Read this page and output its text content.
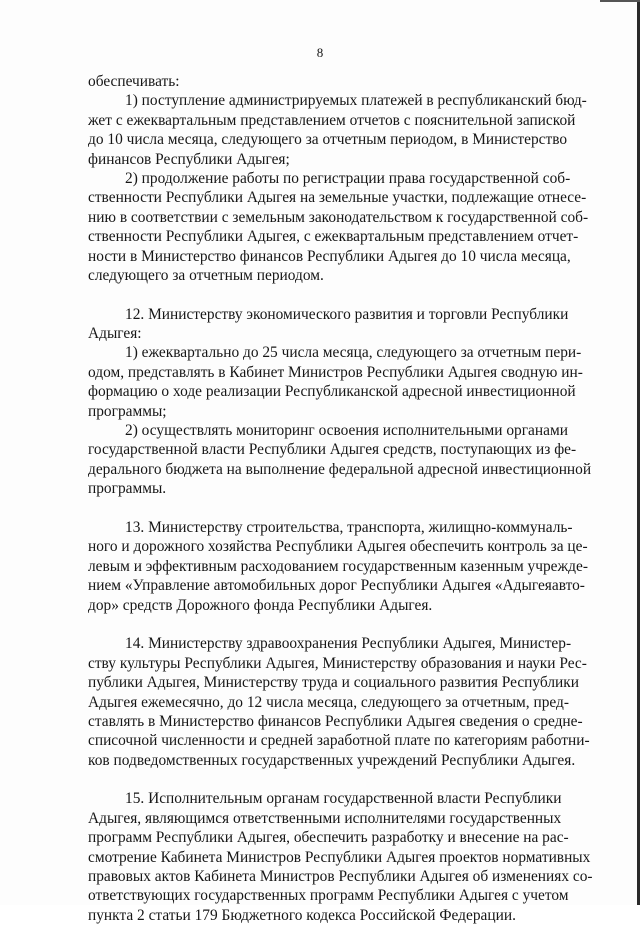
8
обеспечивать:
1) поступление администрируемых платежей в республиканский бюд-
жет с ежеквартальным представлением отчетов с пояснительной запиской
до 10 числа месяца, следующего за отчетным периодом, в Министерство
финансов Республики Адыгея;
2) продолжение работы по регистрации права государственной соб-
ственности Республики Адыгея на земельные участки, подлежащие отнесе-
нию в соответствии с земельным законодательством к государственной соб-
ственности Республики Адыгея, с ежеквартальным представлением отчет-
ности в Министерство финансов Республики Адыгея до 10 числа месяца,
следующего за отчетным периодом.
12. Министерству экономического развития и торговли Республики
Адыгея:
1) ежеквартально до 25 числа месяца, следующего за отчетным пери-
одом, представлять в Кабинет Министров Республики Адыгея сводную ин-
формацию о ходе реализации Республиканской адресной инвестиционной
программы;
2) осуществлять мониторинг освоения исполнительными органами
государственной власти Республики Адыгея средств, поступающих из фе-
дерального бюджета на выполнение федеральной адресной инвестиционной
программы.
13. Министерству строительства, транспорта, жилищно-коммуналь-
ного и дорожного хозяйства Республики Адыгея обеспечить контроль за це-
левым и эффективным расходованием государственным казенным учрежде-
нием «Управление автомобильных дорог Республики Адыгея «Адыгеяавто-
дор» средств Дорожного фонда Республики Адыгея.
14. Министерству здравоохранения Республики Адыгея, Министер-
ству культуры Республики Адыгея, Министерству образования и науки Рес-
публики Адыгея, Министерству труда и социального развития Республики
Адыгея ежемесячно, до 12 числа месяца, следующего за отчетным, пред-
ставлять в Министерство финансов Республики Адыгея сведения о средне-
списочной численности и средней заработной плате по категориям работни-
ков подведомственных государственных учреждений Республики Адыгея.
15. Исполнительным органам государственной власти Республики
Адыгея, являющимся ответственными исполнителями государственных
программ Республики Адыгея, обеспечить разработку и внесение на рас-
смотрение Кабинета Министров Республики Адыгея проектов нормативных
правовых актов Кабинета Министров Республики Адыгея об изменениях со-
ответствующих государственных программ Республики Адыгея с учетом
пункта 2 статьи 179 Бюджетного кодекса Российской Федерации.
